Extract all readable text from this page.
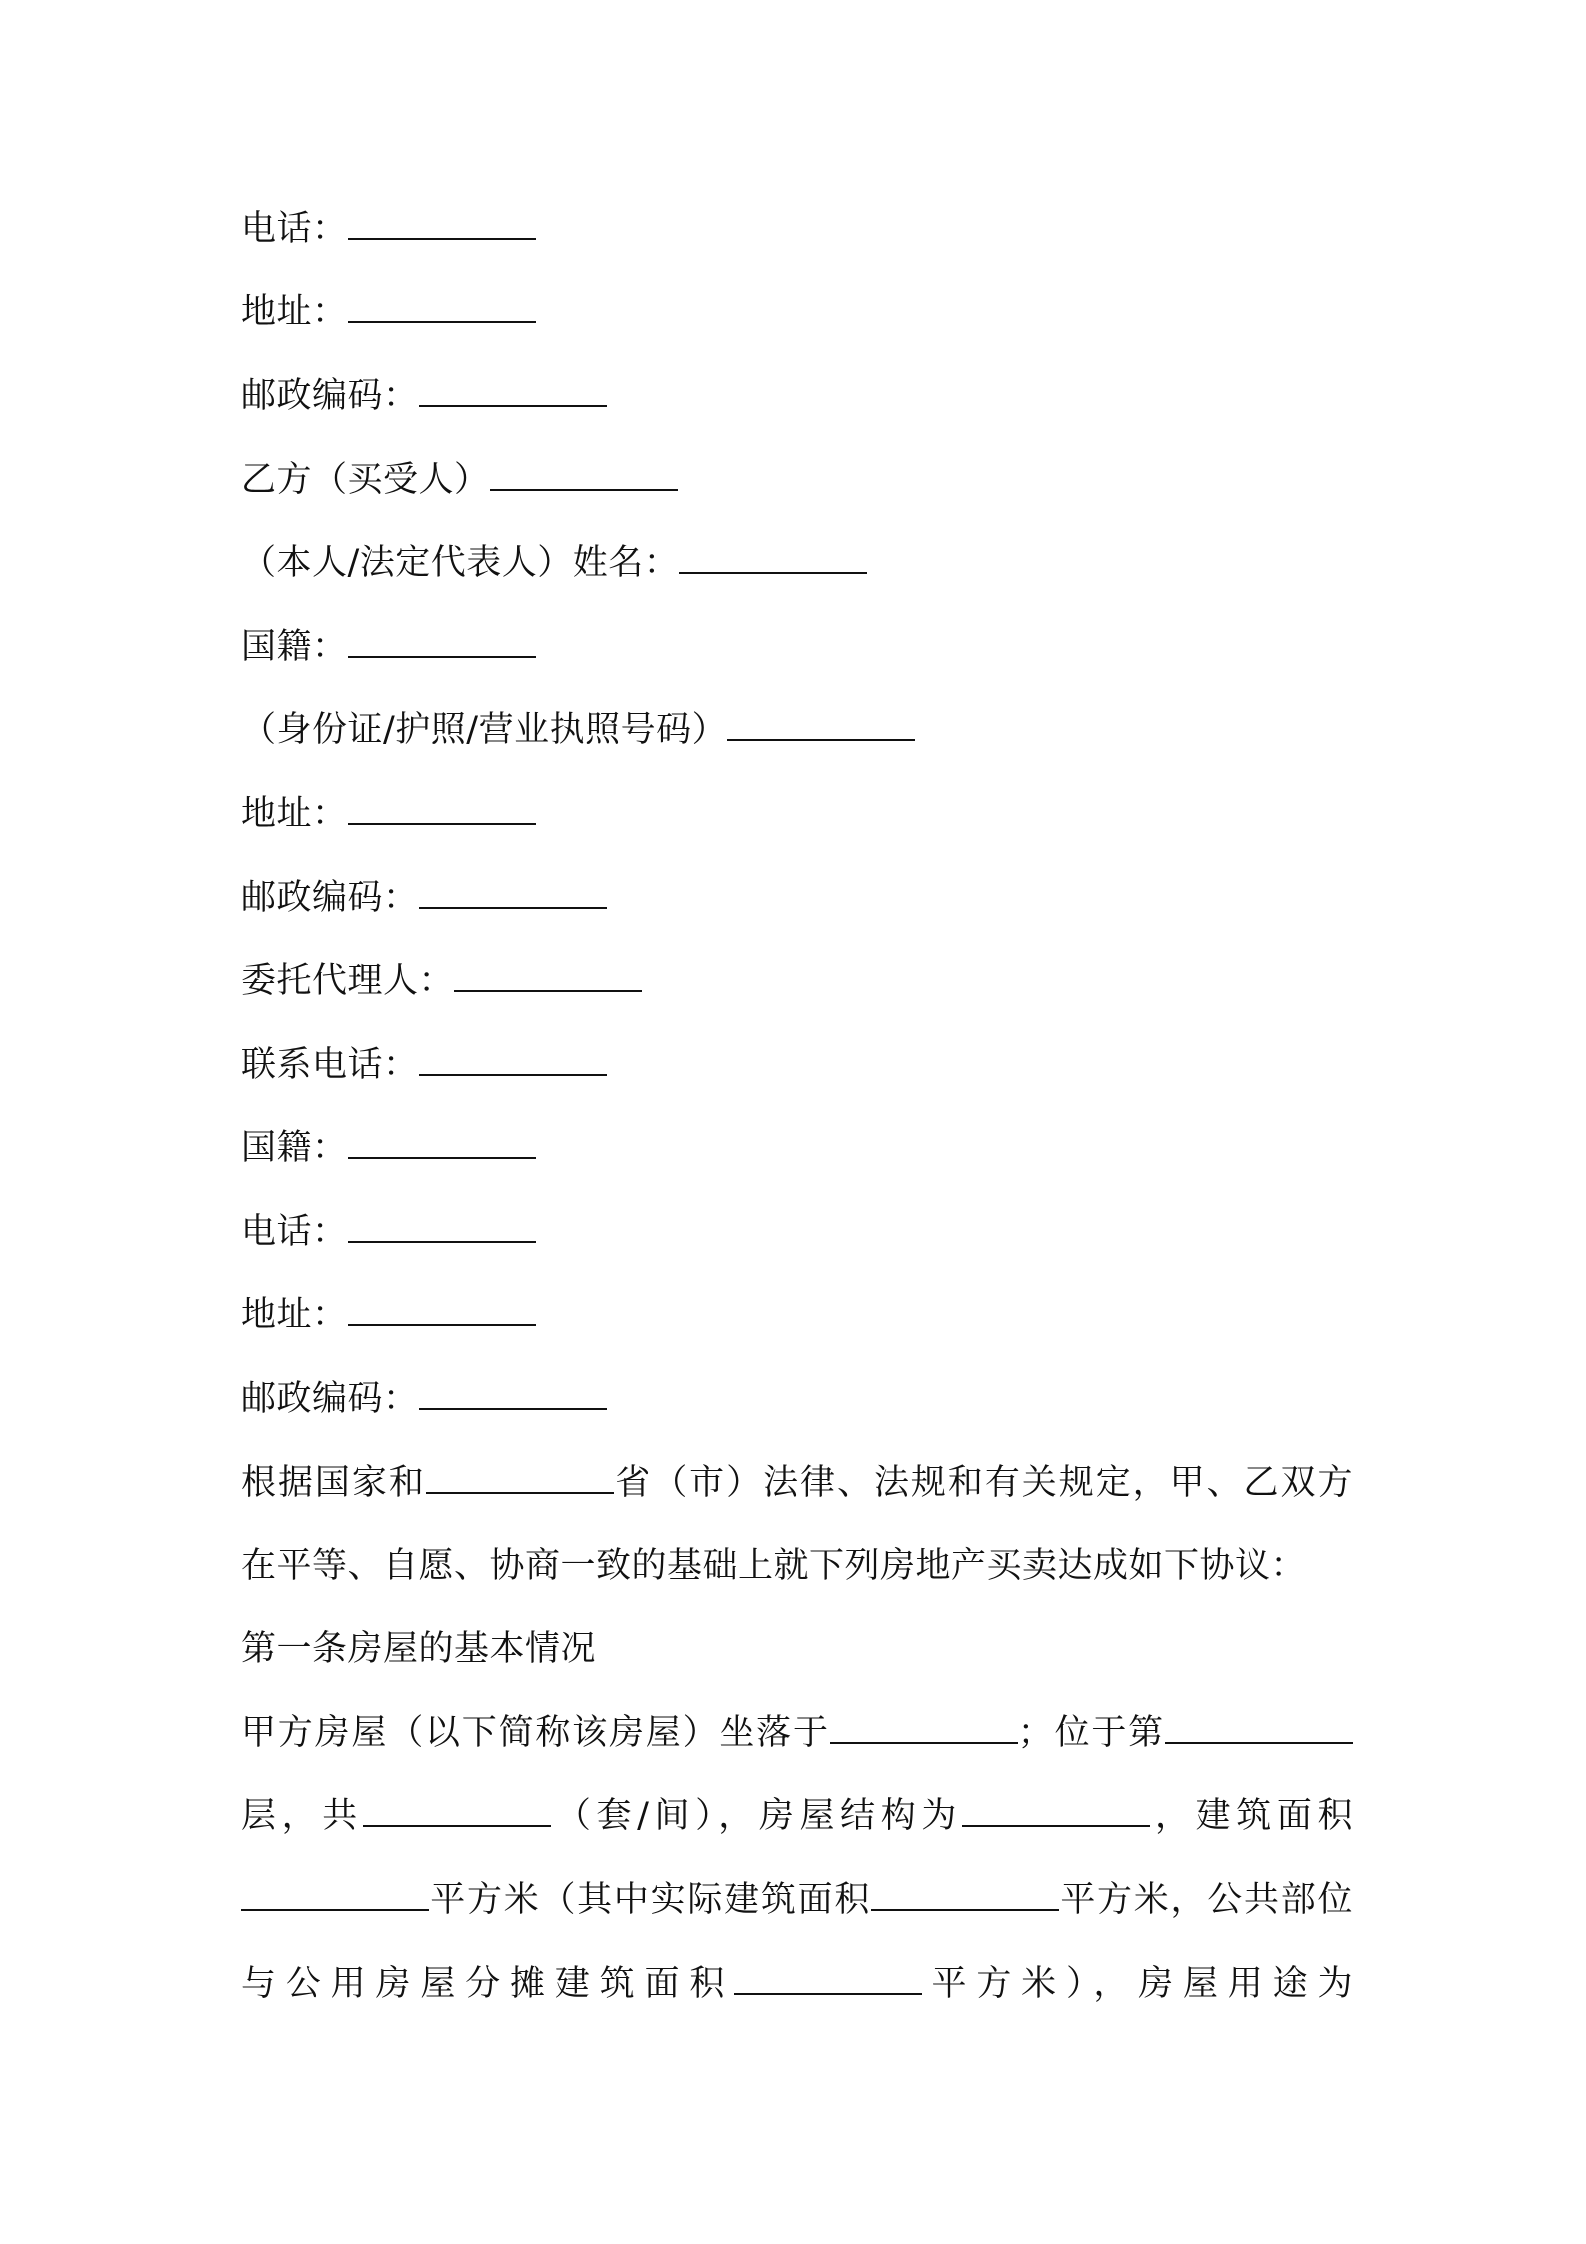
电话：
地址：
邮政编码：
乙方（买受人）
（本人/法定代表人）姓名：
国籍：
（身份证/护照/营业执照号码）
地址：
邮政编码：
委托代理人：
联系电话：
国籍：
电话：
地址：
邮政编码：
根据国家和	省（市）法律、法规和有关规定，甲、乙双方
在平等、自愿、协商一致的基础上就下列房地产买卖达成如下协议：
第一条房屋的基本情况
甲方房屋（以下简称该房屋）坐落于	；位于第
层，共	（套/间），房屋结构为	，建筑面积
平方米（其中实际建筑面积	平方米，公共部位
与公用房屋分摊建筑面积	平方米），房屋用途为
